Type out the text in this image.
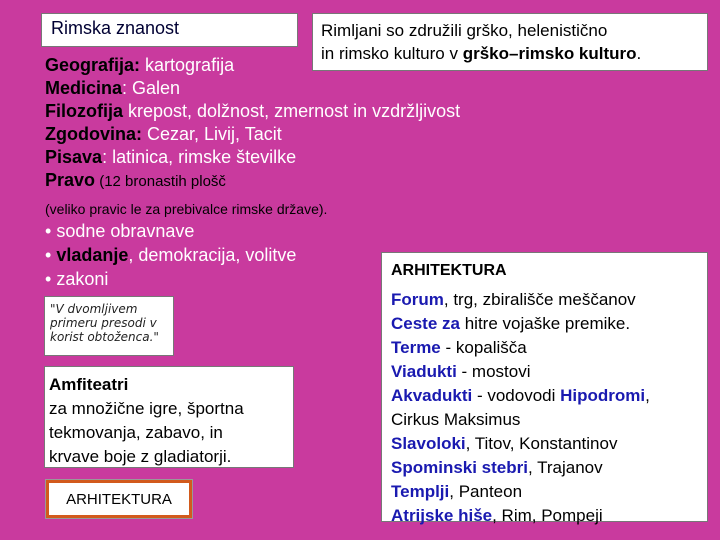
Rimska znanost	Rimljani so združili grško, helenistično
in rimsko kulturo v grško–rimsko kulturo.
Geografija: kartografija
Medicina: Galen
Filozofija krepost, dolžnost, zmernost in vzdržljivost
Zgodovina: Cezar, Livij, Tacit
Pisava: latinica, rimske številke
Pravo (12 bronastih plošč
(veliko pravic le za prebivalce rimske države).
• sodne obravnave
• vladanje, demokracija, volitve
• zakoni
"V dvomljivem primeru presodi v korist obtoženca."
Amfiteatri
za množične igre, športna
tekmovanja, zabavo, in
krvave boje z gladiatorji.
ARHITEKTURA
ARHITEKTURA
Forum, trg, zbirališče meščanov
Ceste za hitre vojaške premike.
Terme - kopališča
Viadukti - mostovi
Akvadukti - vodovodi Hipodromi,
Cirkus Maksimus
Slavoloki, Titov, Konstantinov
Spominski stebri, Trajanov
Templji, Panteon
Atrijske hiše, Rim, Pompeji
